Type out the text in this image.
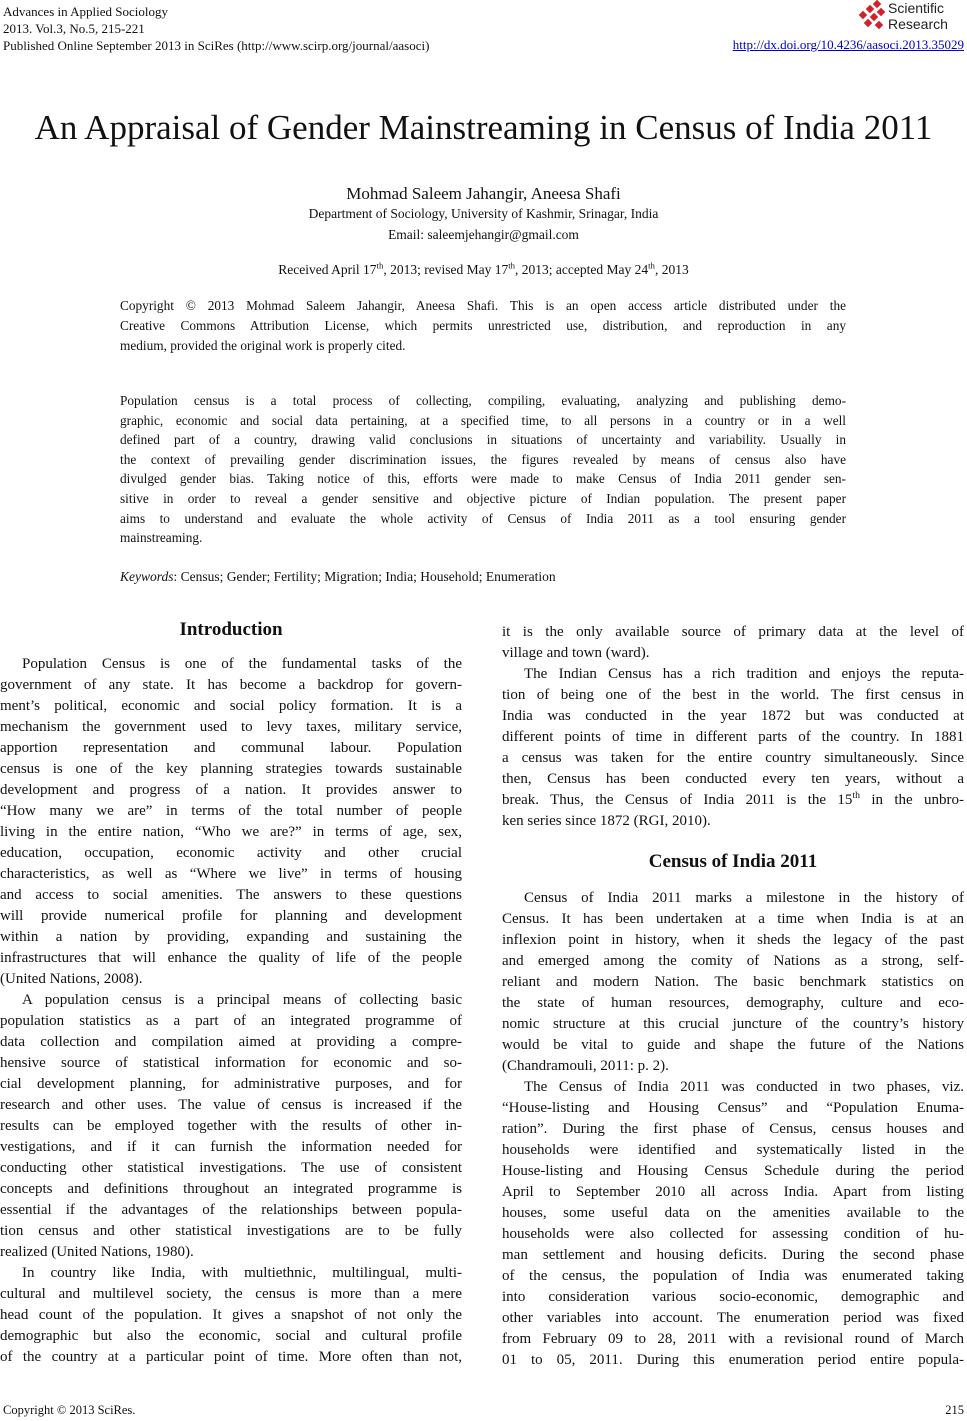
Advances in Applied Sociology
2013. Vol.3, No.5, 215-221
Published Online September 2013 in SciRes (http://www.scirp.org/journal/aasoci)
Scientific
Research
http://dx.doi.org/10.4236/aasoci.2013.35029
An Appraisal of Gender Mainstreaming in Census of India 2011
Mohmad Saleem Jahangir, Aneesa Shafi
Department of Sociology, University of Kashmir, Srinagar, India
Email: saleemjehangir@gmail.com
Received April 17th, 2013; revised May 17th, 2013; accepted May 24th, 2013
Copyright © 2013 Mohmad Saleem Jahangir, Aneesa Shafi. This is an open access article distributed under the
Creative Commons Attribution License, which permits unrestricted use, distribution, and reproduction in any
medium, provided the original work is properly cited.
Population census is a total process of collecting, compiling, evaluating, analyzing and publishing demo-
graphic, economic and social data pertaining, at a specified time, to all persons in a country or in a well
defined part of a country, drawing valid conclusions in situations of uncertainty and variability. Usually in
the context of prevailing gender discrimination issues, the figures revealed by means of census also have
divulged gender bias. Taking notice of this, efforts were made to make Census of India 2011 gender sen-
sitive in order to reveal a gender sensitive and objective picture of Indian population. The present paper
aims to understand and evaluate the whole activity of Census of India 2011 as a tool ensuring gender
mainstreaming.
Keywords: Census; Gender; Fertility; Migration; India; Household; Enumeration
Introduction
Population Census is one of the fundamental tasks of the
government of any state. It has become a backdrop for govern-
ment’s political, economic and social policy formation. It is a
mechanism the government used to levy taxes, military service,
apportion representation and communal labour. Population
census is one of the key planning strategies towards sustainable
development and progress of a nation. It provides answer to
“How many we are” in terms of the total number of people
living in the entire nation, “Who we are?” in terms of age, sex,
education, occupation, economic activity and other crucial
characteristics, as well as “Where we live” in terms of housing
and access to social amenities. The answers to these questions
will provide numerical profile for planning and development
within a nation by providing, expanding and sustaining the
infrastructures that will enhance the quality of life of the people
(United Nations, 2008).
A population census is a principal means of collecting basic
population statistics as a part of an integrated programme of
data collection and compilation aimed at providing a compre-
hensive source of statistical information for economic and so-
cial development planning, for administrative purposes, and for
research and other uses. The value of census is increased if the
results can be employed together with the results of other in-
vestigations, and if it can furnish the information needed for
conducting other statistical investigations. The use of consistent
concepts and definitions throughout an integrated programme is
essential if the advantages of the relationships between popula-
tion census and other statistical investigations are to be fully
realized (United Nations, 1980).
In country like India, with multiethnic, multilingual, multi-
cultural and multilevel society, the census is more than a mere
head count of the population. It gives a snapshot of not only the
demographic but also the economic, social and cultural profile
of the country at a particular point of time. More often than not,
it is the only available source of primary data at the level of
village and town (ward).
The Indian Census has a rich tradition and enjoys the reputa-
tion of being one of the best in the world. The first census in
India was conducted in the year 1872 but was conducted at
different points of time in different parts of the country. In 1881
a census was taken for the entire country simultaneously. Since
then, Census has been conducted every ten years, without a
break. Thus, the Census of India 2011 is the 15th in the unbro-
ken series since 1872 (RGI, 2010).
Census of India 2011
Census of India 2011 marks a milestone in the history of
Census. It has been undertaken at a time when India is at an
inflexion point in history, when it sheds the legacy of the past
and emerged among the comity of Nations as a strong, self-
reliant and modern Nation. The basic benchmark statistics on
the state of human resources, demography, culture and eco-
nomic structure at this crucial juncture of the country’s history
would be vital to guide and shape the future of the Nations
(Chandramouli, 2011: p. 2).
The Census of India 2011 was conducted in two phases, viz.
“House-listing and Housing Census” and “Population Enuma-
ration”. During the first phase of Census, census houses and
households were identified and systematically listed in the
House-listing and Housing Census Schedule during the period
April to September 2010 all across India. Apart from listing
houses, some useful data on the amenities available to the
households were also collected for assessing condition of hu-
man settlement and housing deficits. During the second phase
of the census, the population of India was enumerated taking
into consideration various socio-economic, demographic and
other variables into account. The enumeration period was fixed
from February 09 to 28, 2011 with a revisional round of March
01 to 05, 2011. During this enumeration period entire popula-
Copyright © 2013 SciRes.	215
